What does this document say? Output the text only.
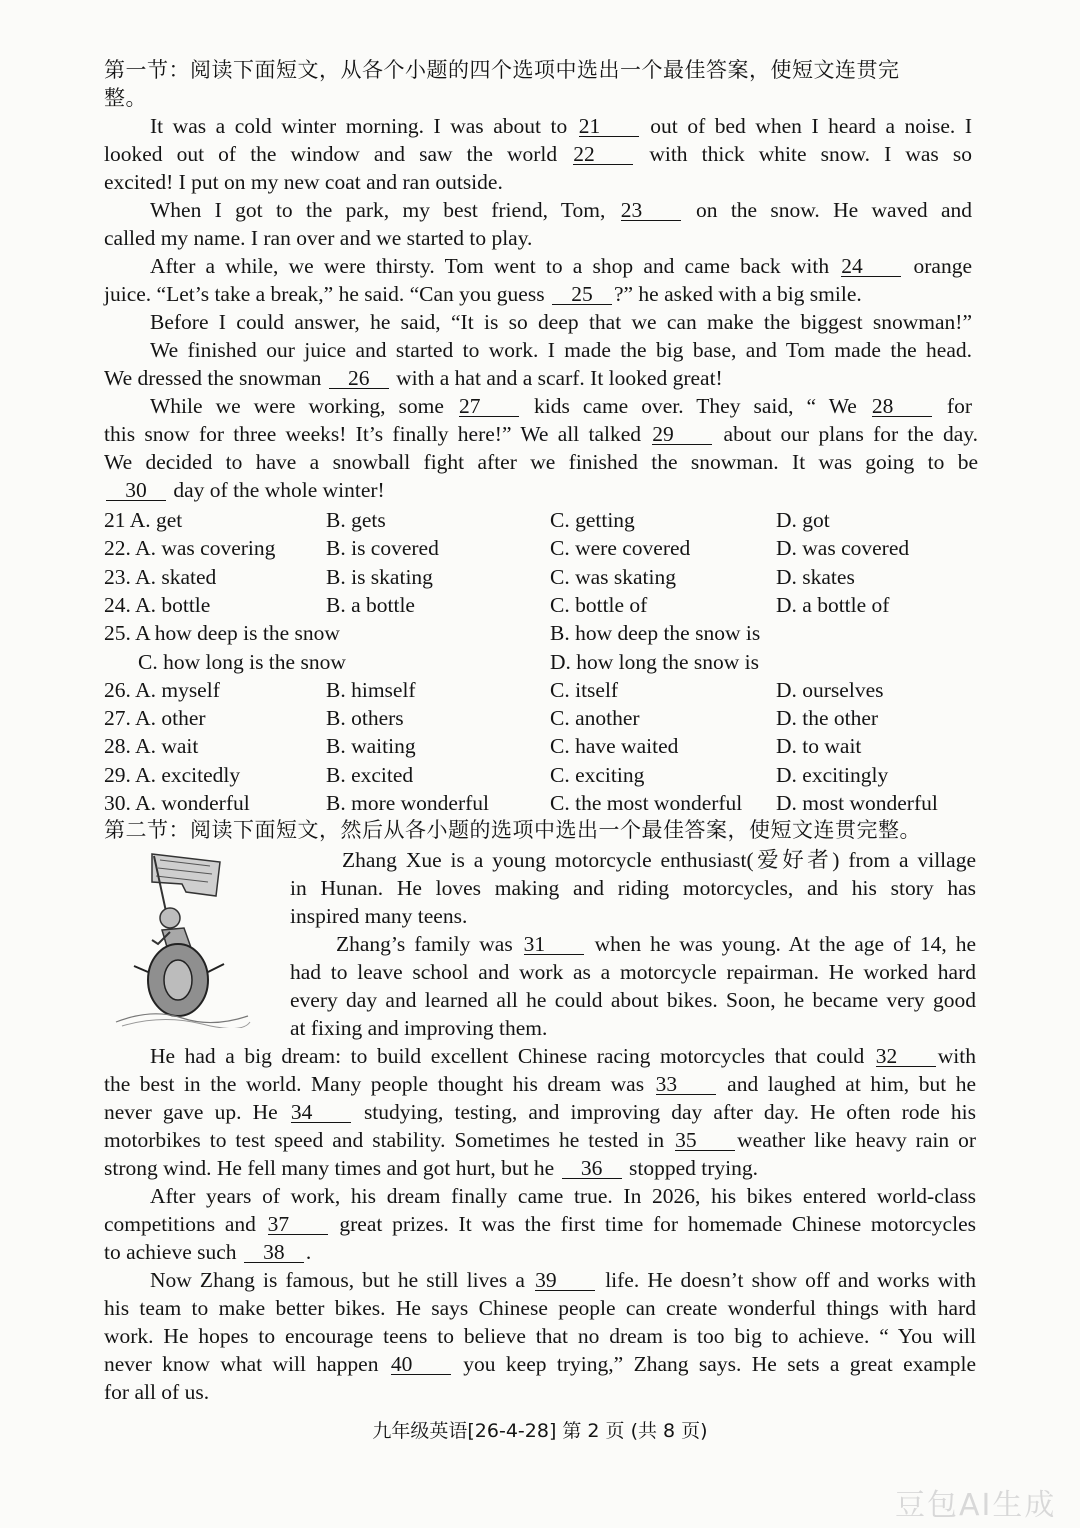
第一节：阅读下面短文，从各个小题的四个选项中选出一个最佳答案，使短文连贯完
整。
It was a cold winter morning. I was about to 21 out of bed when I heard a noise. I
looked out of the window and saw the world 22 with thick white snow. I was so
excited! I put on my new coat and ran outside.
When I got to the park, my best friend, Tom, 23 on the snow. He waved and
called my name. I ran over and we started to play.
After a while, we were thirsty. Tom went to a shop and came back with 24 orange
juice. “Let’s take a break,” he said. “Can you guess 25 ?” he asked with a big smile.
Before I could answer, he said, “It is so deep that we can make the biggest snowman!”
We finished our juice and started to work. I made the big base, and Tom made the head.
We dressed the snowman 26 with a hat and a scarf. It looked great!
While we were working, some 27 kids came over. They said, “ We 28 for
this snow for three weeks! It’s finally here!” We all talked 29 about our plans for the day.
We decided to have a snowball fight after we finished the snowman. It was going to be
30 day of the whole winter!
21 A. get	B. gets	C. getting	D. got
22. A. was covering B. is covered	C. were covered	D. was covered
23. A. skated	B. is skating	C. was skating	D. skates
24. A. bottle	B. a bottle	C. bottle of	D. a bottle of
25. A how deep is the snow	B. how deep the snow is
C. how long is the snow	D. how long the snow is
26. A. myself	B. himself	C. itself	D. ourselves
27. A. other	B. others	C. another	D. the other
28. A. wait	B. waiting	C. have waited	D. to wait
29. A. excitedly	B. excited	C. exciting	D. excitingly
30. A. wonderful	B. more wonderful	C. the most wonderful D. most wonderful
第二节：阅读下面短文，然后从各小题的选项中选出一个最佳答案，使短文连贯完整。
Zhang Xue is a young motorcycle enthusiast(爱好者) from a village
in Hunan. He loves making and riding motorcycles, and his story has
inspired many teens.
Zhang’s family was 31 when he was young. At the age of 14, he
had to leave school and work as a motorcycle repairman. He worked hard
every day and learned all he could about bikes. Soon, he became very good
at fixing and improving them.
He had a big dream: to build excellent Chinese racing motorcycles that could 32 with
the best in the world. Many people thought his dream was 33 and laughed at him, but he
never gave up. He 34 studying, testing, and improving day after day. He often rode his
motorbikes to test speed and stability. Sometimes he tested in 35 weather like heavy rain or
strong wind. He fell many times and got hurt, but he 36 stopped trying.
After years of work, his dream finally came true. In 2026, his bikes entered world-class
competitions and 37 great prizes. It was the first time for homemade Chinese motorcycles
to achieve such 38 .
Now Zhang is famous, but he still lives a 39 life. He doesn’t show off and works with
his team to make better bikes. He says Chinese people can create wonderful things with hard
work. He hopes to encourage teens to believe that no dream is too big to achieve. “ You will
never know what will happen 40 you keep trying,” Zhang says. He sets a great example
for all of us.
九年级英语[26-4-28] 第 2 页 (共 8 页)
豆包AI生成
